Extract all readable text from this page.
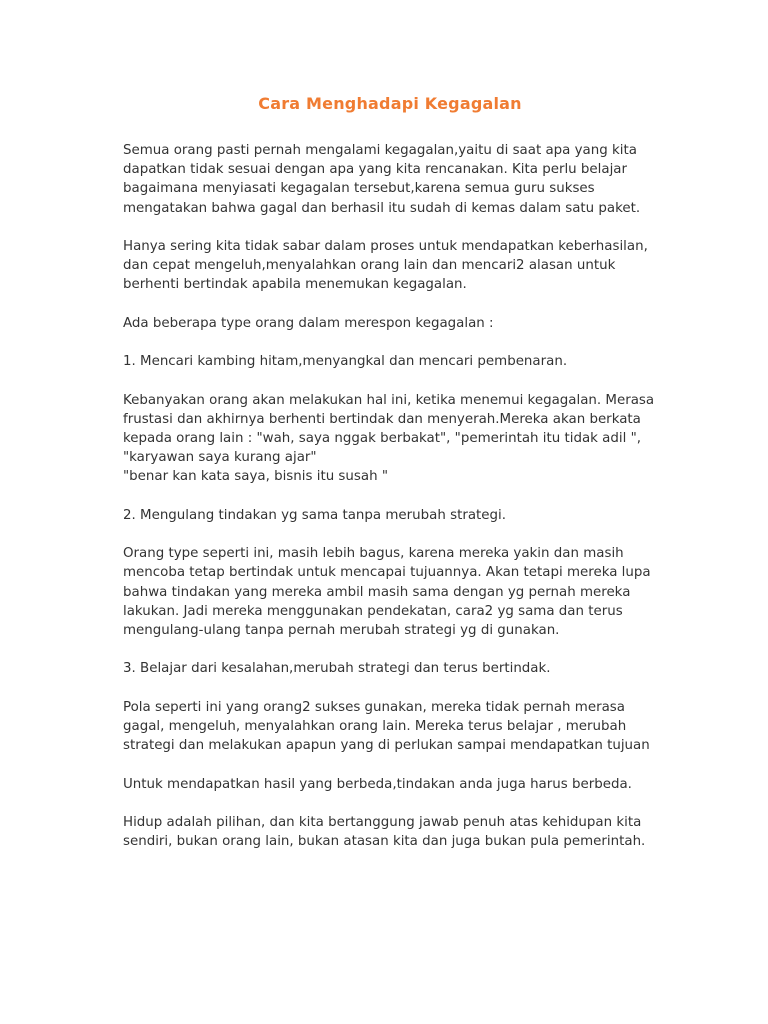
Cara Menghadapi Kegagalan

Semua orang pasti pernah mengalami kegagalan,yaitu di saat apa yang kita
dapatkan tidak sesuai dengan apa yang kita rencanakan. Kita perlu belajar
bagaimana menyiasati kegagalan tersebut,karena semua guru sukses
mengatakan bahwa gagal dan berhasil itu sudah di kemas dalam satu paket.

Hanya sering kita tidak sabar dalam proses untuk mendapatkan keberhasilan,
dan cepat mengeluh,menyalahkan orang lain dan mencari2 alasan untuk
berhenti bertindak apabila menemukan kegagalan.

Ada beberapa type orang dalam merespon kegagalan :

1. Mencari kambing hitam,menyangkal dan mencari pembenaran.

Kebanyakan orang akan melakukan hal ini, ketika menemui kegagalan. Merasa
frustasi dan akhirnya berhenti bertindak dan menyerah.Mereka akan berkata
kepada orang lain : "wah, saya nggak berbakat", "pemerintah itu tidak adil ",
"karyawan saya kurang ajar"
"benar kan kata saya, bisnis itu susah "

2. Mengulang tindakan yg sama tanpa merubah strategi.

Orang type seperti ini, masih lebih bagus, karena mereka yakin dan masih
mencoba tetap bertindak untuk mencapai tujuannya. Akan tetapi mereka lupa
bahwa tindakan yang mereka ambil masih sama dengan yg pernah mereka
lakukan. Jadi mereka menggunakan pendekatan, cara2 yg sama dan terus
mengulang-ulang tanpa pernah merubah strategi yg di gunakan.

3. Belajar dari kesalahan,merubah strategi dan terus bertindak.

Pola seperti ini yang orang2 sukses gunakan, mereka tidak pernah merasa
gagal, mengeluh, menyalahkan orang lain. Mereka terus belajar , merubah
strategi dan melakukan apapun yang di perlukan sampai mendapatkan tujuan

Untuk mendapatkan hasil yang berbeda,tindakan anda juga harus berbeda.

Hidup adalah pilihan, dan kita bertanggung jawab penuh atas kehidupan kita
sendiri, bukan orang lain, bukan atasan kita dan juga bukan pula pemerintah.
